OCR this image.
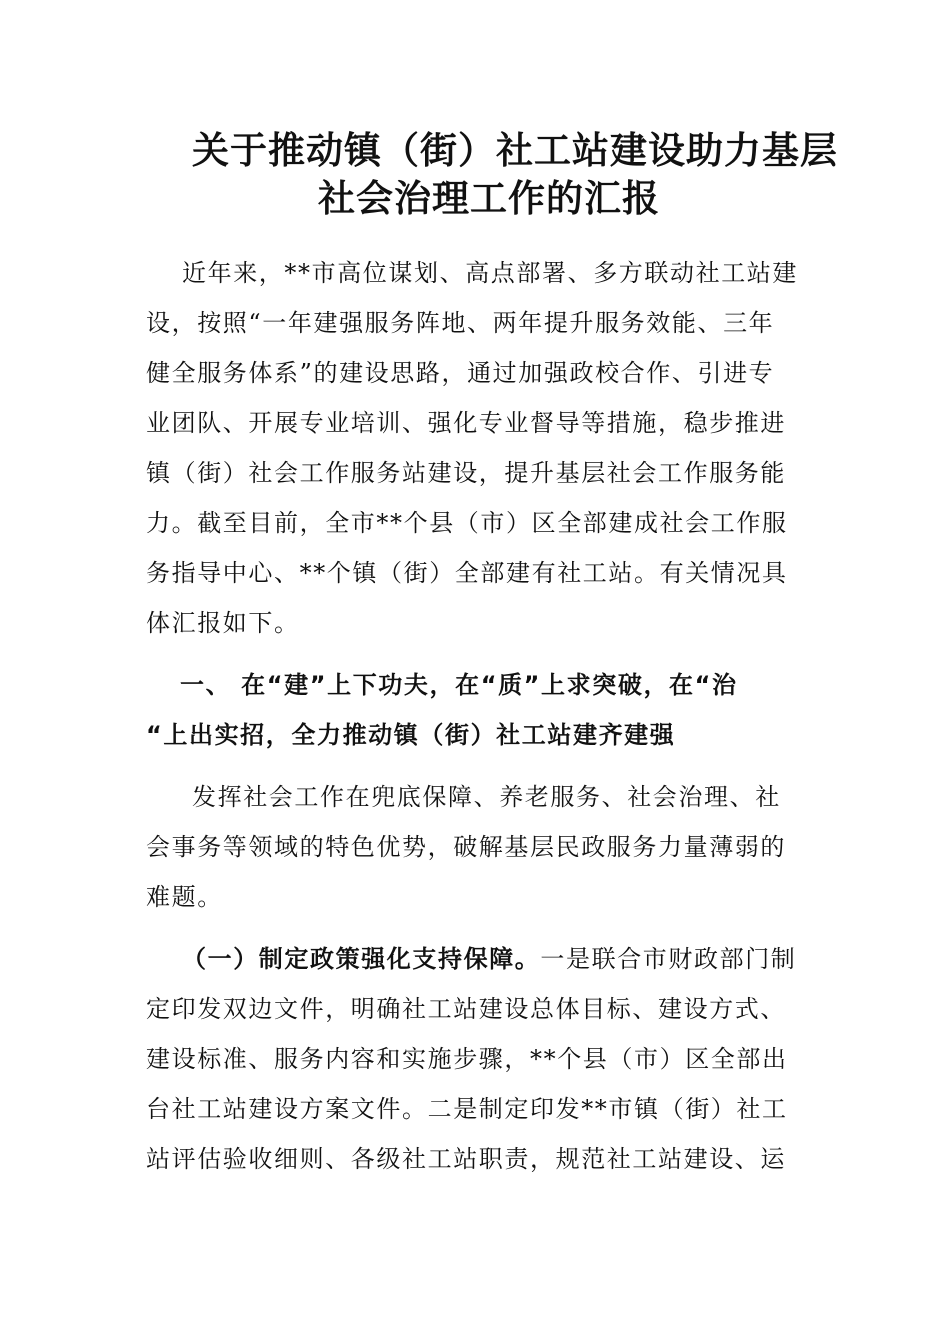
关于推动镇（街）社工站建设助力基层
社会治理工作的汇报
近年来，**市高位谋划、高点部署、多方联动社工站建
设，按照“一年建强服务阵地、两年提升服务效能、三年
健全服务体系”的建设思路，通过加强政校合作、引进专
业团队、开展专业培训、强化专业督导等措施，稳步推进
镇（街）社会工作服务站建设，提升基层社会工作服务能
力。截至目前，全市**个县（市）区全部建成社会工作服
务指导中心、**个镇（街）全部建有社工站。有关情况具
体汇报如下。
一、 在“建”上下功夫，在“质”上求突破，在“治
“上出实招，全力推动镇（街）社工站建齐建强
发挥社会工作在兜底保障、养老服务、社会治理、社
会事务等领域的特色优势，破解基层民政服务力量薄弱的
难题。
（一）制定政策强化支持保障。一是联合市财政部门制
定印发双边文件，明确社工站建设总体目标、建设方式、
建设标准、服务内容和实施步骤，**个县（市）区全部出
台社工站建设方案文件。二是制定印发**市镇（街）社工
站评估验收细则、各级社工站职责，规范社工站建设、运
